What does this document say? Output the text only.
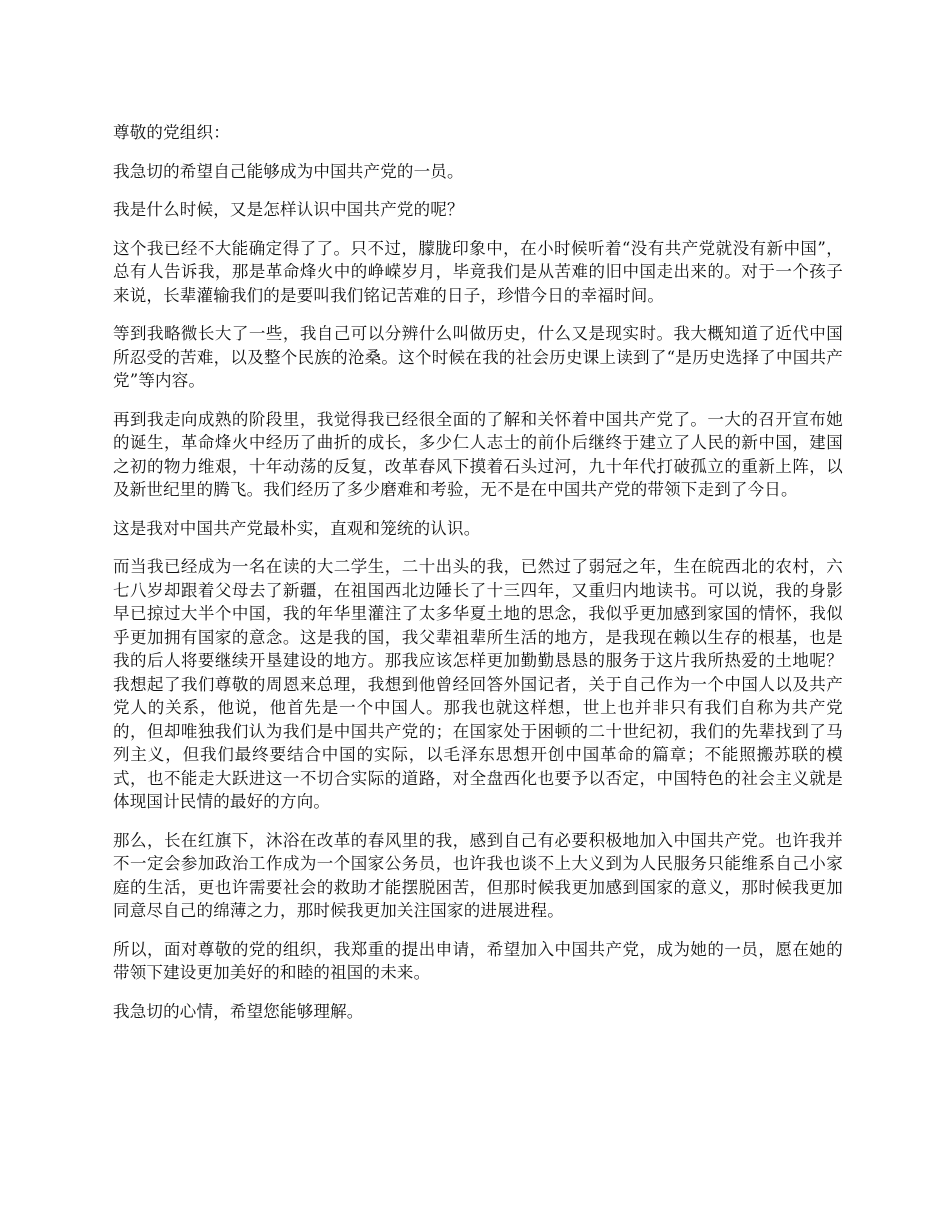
尊敬的党组织：

我急切的希望自己能够成为中国共产党的一员。

我是什么时候，又是怎样认识中国共产党的呢？

这个我已经不大能确定得了了。只不过，朦胧印象中，在小时候听着“没有共产党就没有新中国”，总有人告诉我，那是革命烽火中的峥嵘岁月，毕竟我们是从苦难的旧中国走出来的。对于一个孩子来说，长辈灌输我们的是要叫我们铭记苦难的日子，珍惜今日的幸福时间。

等到我略微长大了一些，我自己可以分辨什么叫做历史，什么又是现实时。我大概知道了近代中国所忍受的苦难，以及整个民族的沧桑。这个时候在我的社会历史课上读到了“是历史选择了中国共产党”等内容。

再到我走向成熟的阶段里，我觉得我已经很全面的了解和关怀着中国共产党了。一大的召开宣布她的诞生，革命烽火中经历了曲折的成长，多少仁人志士的前仆后继终于建立了人民的新中国，建国之初的物力维艰，十年动荡的反复，改革春风下摸着石头过河，九十年代打破孤立的重新上阵，以及新世纪里的腾飞。我们经历了多少磨难和考验，无不是在中国共产党的带领下走到了今日。

这是我对中国共产党最朴实，直观和笼统的认识。

而当我已经成为一名在读的大二学生，二十出头的我，已然过了弱冠之年，生在皖西北的农村，六七八岁却跟着父母去了新疆，在祖国西北边陲长了十三四年，又重归内地读书。可以说，我的身影早已掠过大半个中国，我的年华里灌注了太多华夏土地的思念，我似乎更加感到家国的情怀，我似乎更加拥有国家的意念。这是我的国，我父辈祖辈所生活的地方，是我现在赖以生存的根基，也是我的后人将要继续开垦建设的地方。那我应该怎样更加勤勤恳恳的服务于这片我所热爱的土地呢？我想起了我们尊敬的周恩来总理，我想到他曾经回答外国记者，关于自己作为一个中国人以及共产党人的关系，他说，他首先是一个中国人。那我也就这样想，世上也并非只有我们自称为共产党的，但却唯独我们认为我们是中国共产党的；在国家处于困顿的二十世纪初，我们的先辈找到了马列主义，但我们最终要结合中国的实际，以毛泽东思想开创中国革命的篇章；不能照搬苏联的模式，也不能走大跃进这一不切合实际的道路，对全盘西化也要予以否定，中国特色的社会主义就是体现国计民情的最好的方向。

那么，长在红旗下，沐浴在改革的春风里的我，感到自己有必要积极地加入中国共产党。也许我并不一定会参加政治工作成为一个国家公务员，也许我也谈不上大义到为人民服务只能维系自己小家庭的生活，更也许需要社会的救助才能摆脱困苦，但那时候我更加感到国家的意义，那时候我更加同意尽自己的绵薄之力，那时候我更加关注国家的进展进程。

所以，面对尊敬的党的组织，我郑重的提出申请，希望加入中国共产党，成为她的一员，愿在她的带领下建设更加美好的和睦的祖国的未来。

我急切的心情，希望您能够理解。
